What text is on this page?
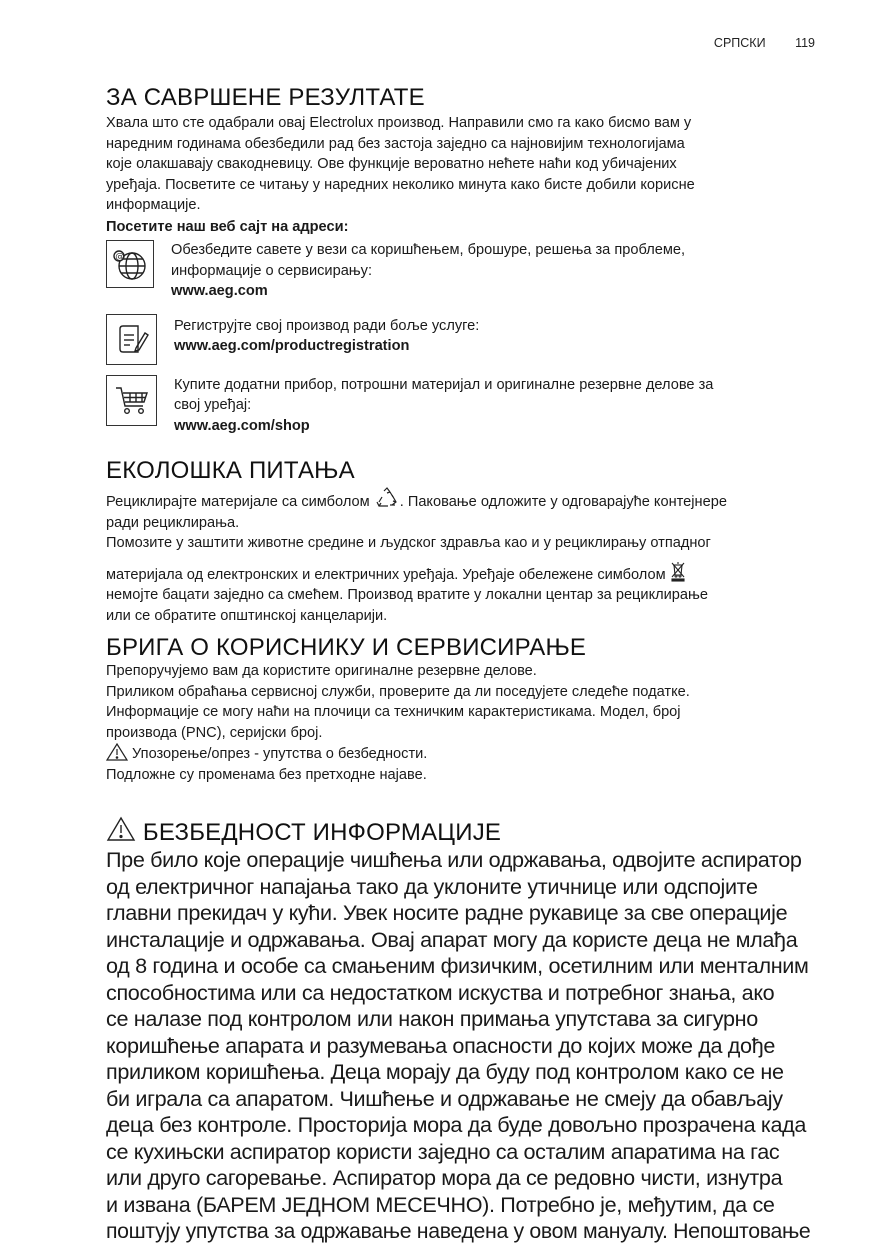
СРПСКИ 119
ЗА САВРШЕНЕ РЕЗУЛТАТЕ

Хвала што сте одабрали овај Electrolux производ. Направили смо га како бисмо вам у

наредним годинама обезбедили рад без застоја заједно са најновијим технологијама

које олакшавају свакодневицу. Ове функције вероватно нећете наћи код убичајених

уређаја. Посветите се читању у наредних неколико минута како бисте добили корисне

информације.

Посетите наш веб сајт на адреси:

@	Обезбедите савете у вези са коришћењем, брошуре, решења за проблеме,

информације о сервисирању:

www.aeg.com

Региструјте свој производ ради боље услуге:

www.aeg.com/productregistration

Купите додатни прибор, потрошни материјал и оригиналне резервне делове за

свој уређај:

www.aeg.com/shop

ЕКОЛОШКА ПИТАЊА

Рециклирајте материјале са симболом . Паковање одложите у одговарајуће контејнере

ради рециклирања.

Помозите у заштити животне средине и људског здравља као и у рециклирању отпадног

материјала од електронских и електричних уређаја. Уређаје обележене симболом

немојте бацати заједно са смећем. Производ вратите у локални центар за рециклирање

или се обратите општинској канцеларији.

БРИГА О КОРИСНИКУ И СЕРВИСИРАЊЕ

Препоручујемо вам да користите оригиналне резервне делове.

Приликом обраћања сервисној служби, проверите да ли поседујете следеће податке.

Информације се могу наћи на плочици са техничким карактеристикама. Модел, број

производа (PNC), серијски број.

Упозорење/опрез - упутства о безбедности.

Подложне су променама без претходне најаве.

БЕЗБЕДНОСТ ИНФОРМАЦИЈЕ

Пре било које операције чишћења или одржавања, одвојите аспиратор

од електричног напајања тако да уклоните утичнице или одспојите

главни прекидач у кући. Увек носите радне рукавице за све операције

инсталације и одржавања. Овај апарат могу да користе деца не млађа

од 8 година и особе са смањеним физичким, осетилним или менталним

способностима или са недостатком искуства и потребног знања, ако

се налазе под контролом или након примања упутстава за сигурно

коришћење апарата и разумевања опасности до којих може да дође

приликом коришћења. Деца морају да буду под контролом како се не

би играла са апаратом. Чишћење и одржавање не смеју да обављају

деца без контроле. Просторија мора да буде довољно прозрачена када

се кухињски аспиратор користи заједно са осталим апаратима на гас

или друго сагоревање. Аспиратор мора да се редовно чисти, изнутра

и извана (БАРЕМ ЈЕДНОМ МЕСЕЧНО). Потребно је, међутим, да се

поштују упутства за одржавање наведена у овом мануалу. Непоштовање
